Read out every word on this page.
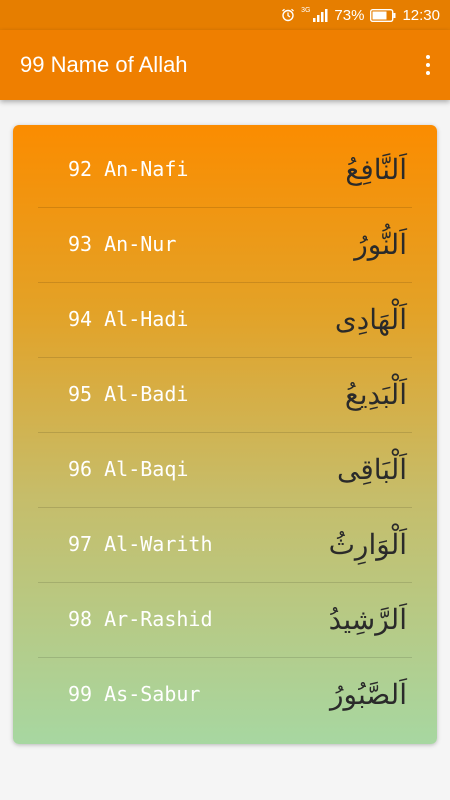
3G 73%	12:30
99 Name of Allah
92 An-Nafi	اَلنَّافِعُ
93 An-Nur	اَلنُّورُ
94 Al-Hadi	اَلْهَادِى
95 Al-Badi	اَلْبَدِيعُ
96 Al-Baqi	اَلْبَاقِى
97 Al-Warith	اَلْوَارِثُ
98 Ar-Rashid	اَلرَّشِيدُ
99 As-Sabur	اَلصَّبُورُ
